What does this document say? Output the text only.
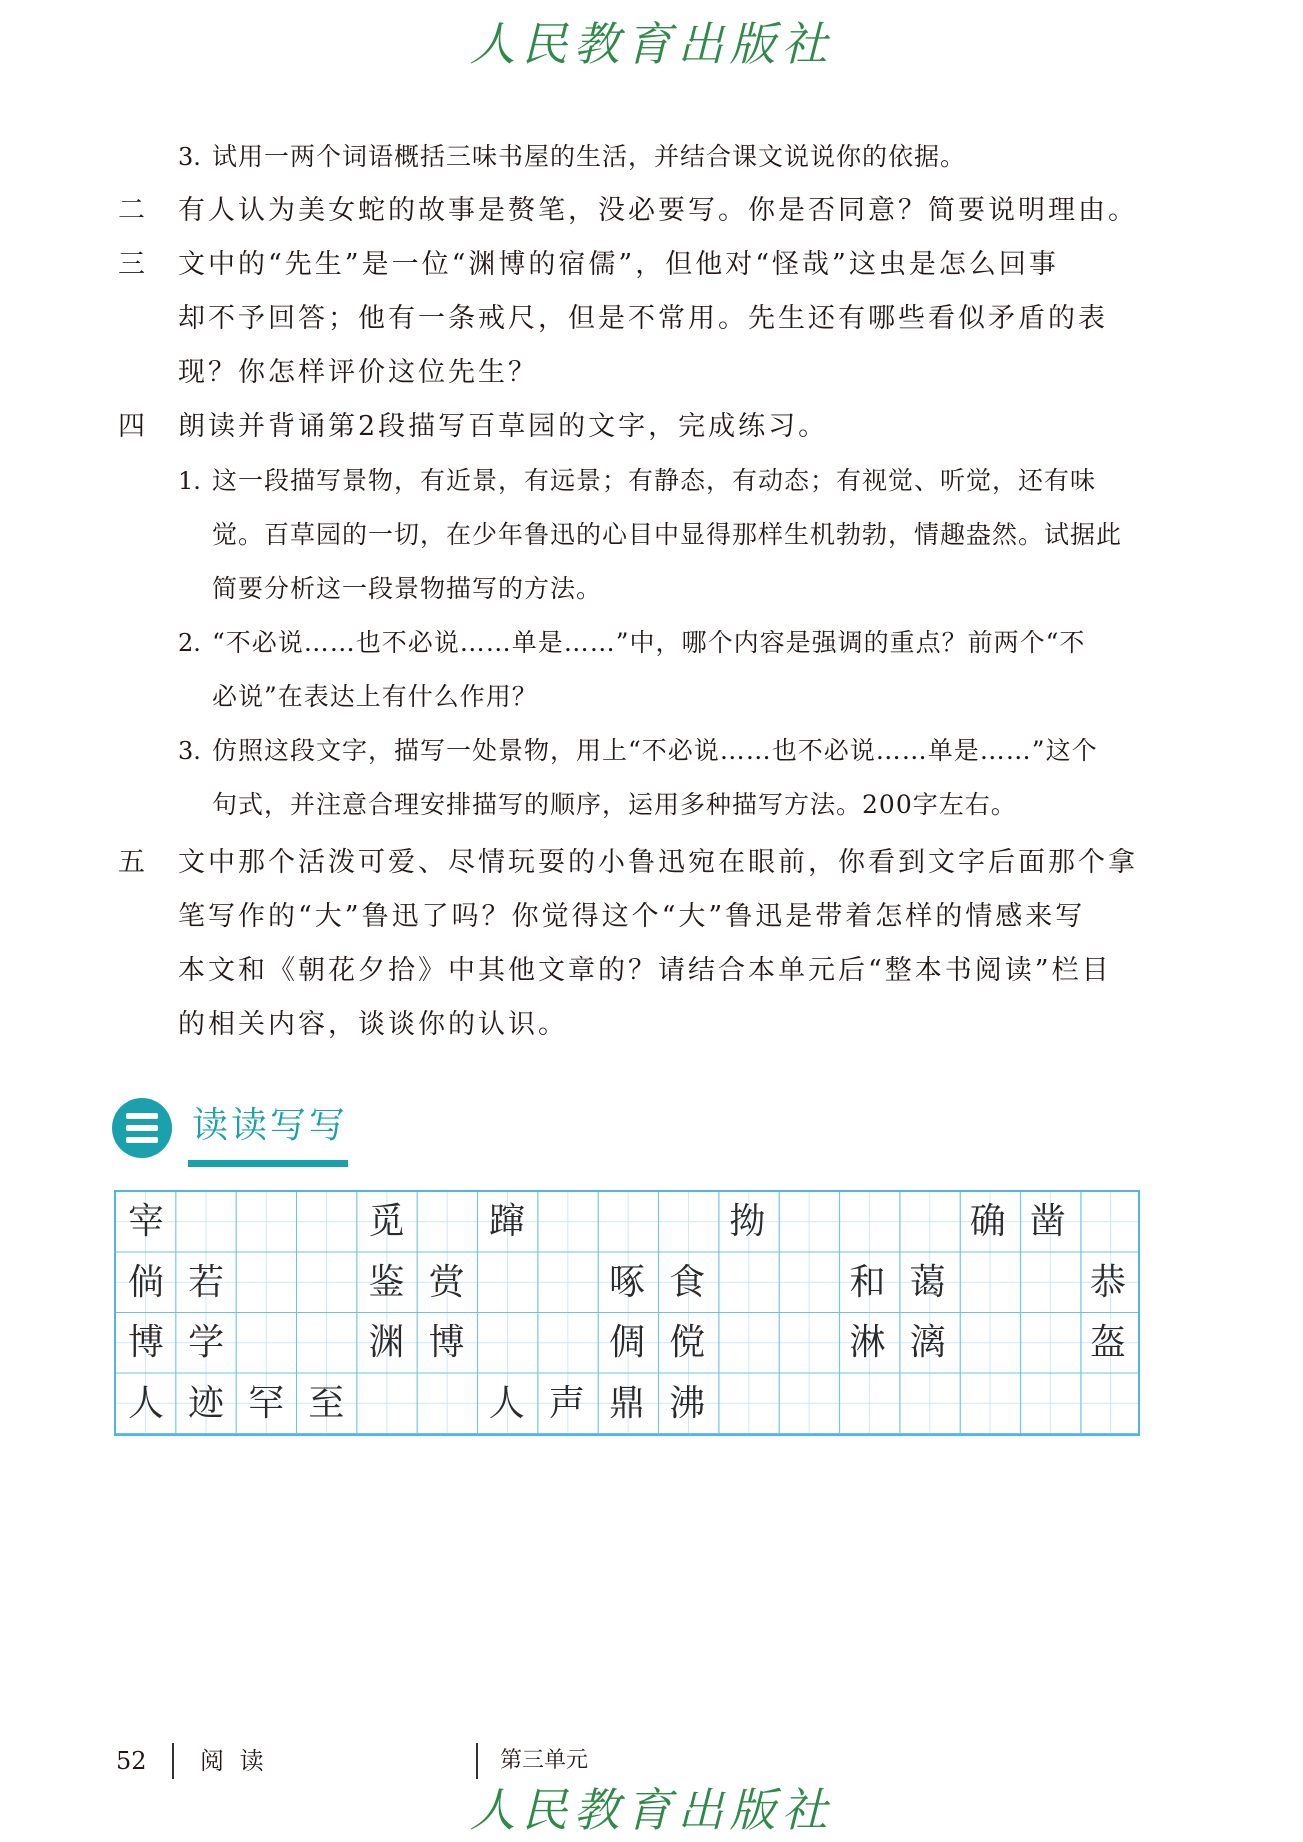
人民教育出版社
3. 试用一两个词语概括三味书屋的生活，并结合课文说说你的依据。
二 有人认为美女蛇的故事是赘笔，没必要写。你是否同意？简要说明理由。
三 文中的“先生”是一位“渊博的宿儒”，但他对“怪哉”这虫是怎么回事
却不予回答；他有一条戒尺，但是不常用。先生还有哪些看似矛盾的表
现？你怎样评价这位先生？
四 朗读并背诵第2段描写百草园的文字，完成练习。
1. 这一段描写景物，有近景，有远景；有静态，有动态；有视觉、听觉，还有味
觉。百草园的一切，在少年鲁迅的心目中显得那样生机勃勃，情趣盎然。试据此
简要分析这一段景物描写的方法。
2. “不必说……也不必说……单是……”中，哪个内容是强调的重点？前两个“不
必说”在表达上有什么作用？
3. 仿照这段文字，描写一处景物，用上“不必说……也不必说……单是……”这个
句式，并注意合理安排描写的顺序，运用多种描写方法。200字左右。
五 文中那个活泼可爱、尽情玩耍的小鲁迅宛在眼前，你看到文字后面那个拿
笔写作的“大”鲁迅了吗？你觉得这个“大”鲁迅是带着怎样的情感来写
本文和《朝花夕拾》中其他文章的？请结合本单元后“整本书阅读”栏目
的相关内容，谈谈你的认识。
读读写写
宰	觅	蹿	拗	确 凿
倘 若	鉴 赏	啄 食	和 蔼	恭
博 学	渊 博	倜 傥	淋 漓	盔
人 迹 罕 至	人 声 鼎 沸
52 阅 读	第三单元
人民教育出版社
